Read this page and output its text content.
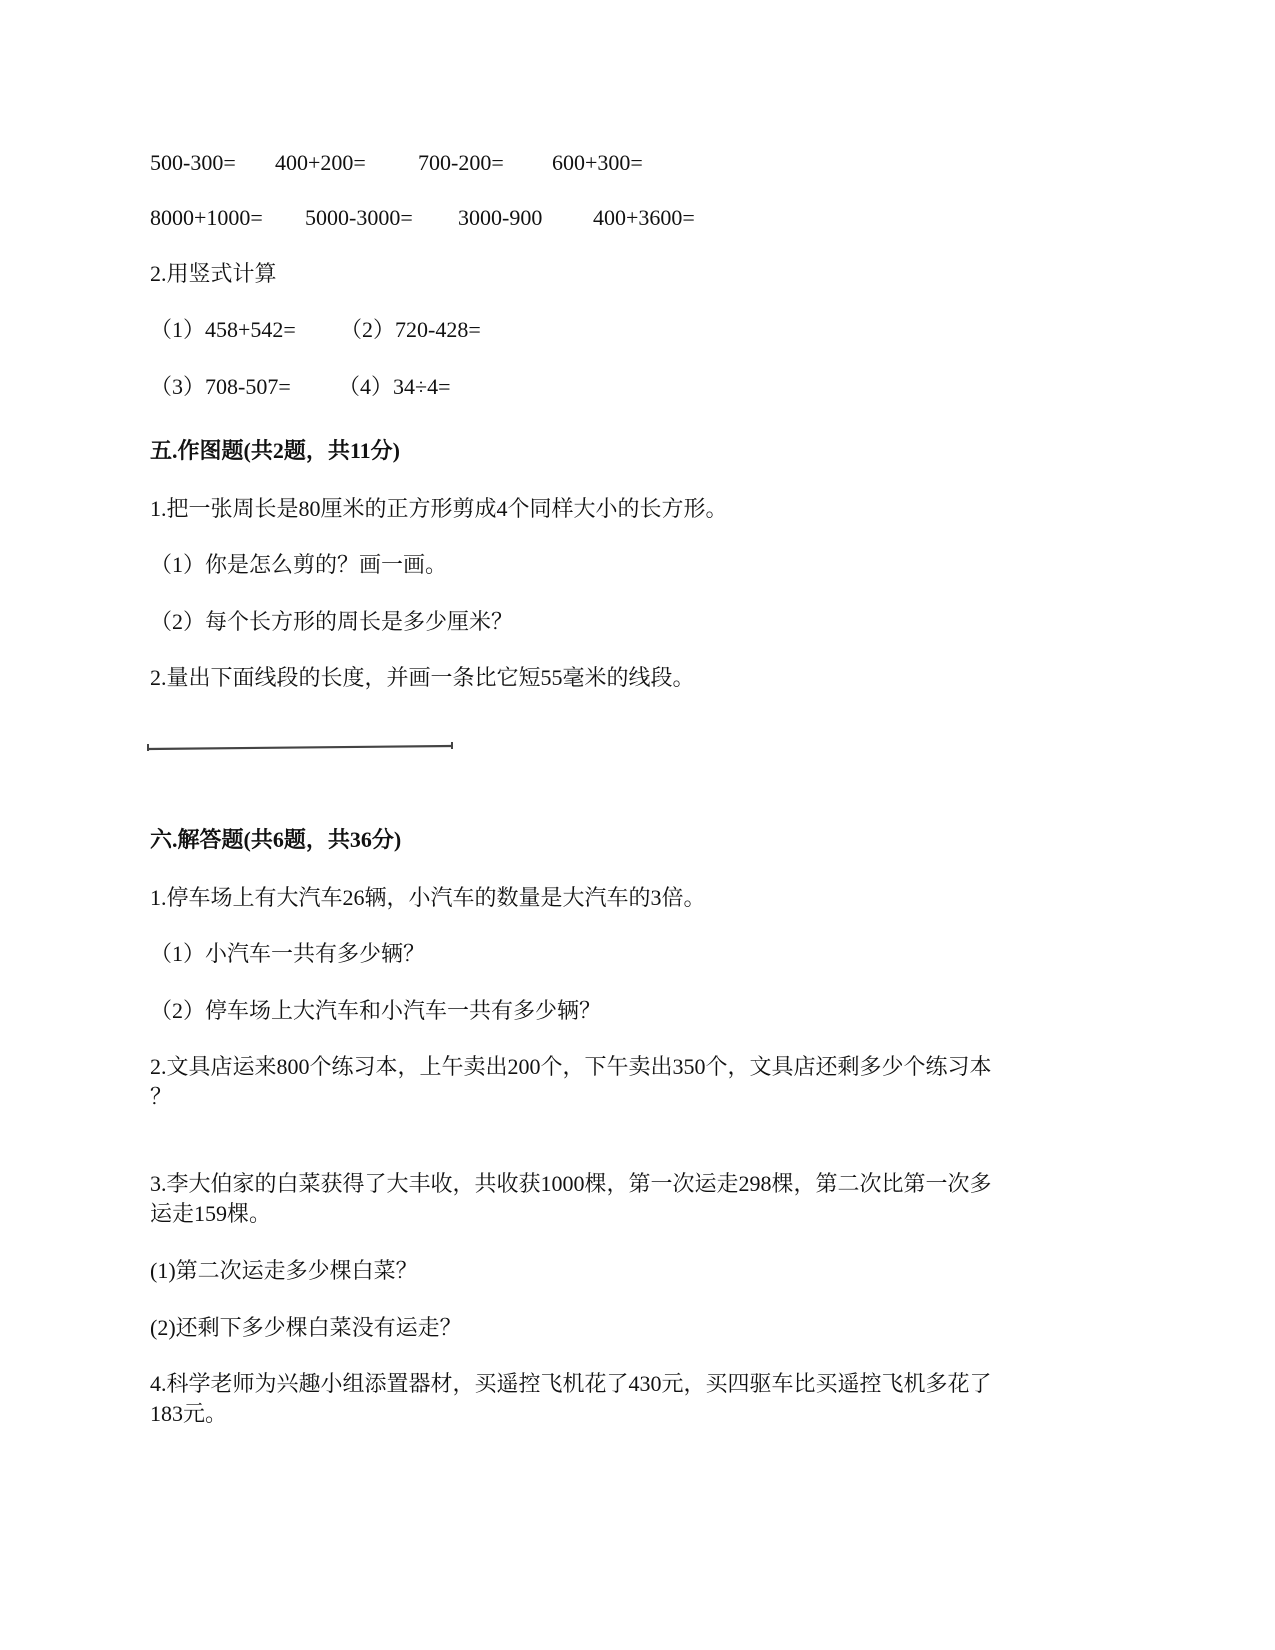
500-300= 400+200= 700-200= 600+300=
8000+1000= 5000-3000= 3000-900 400+3600=
2.用竖式计算
（1）458+542= （2）720-428=
（3）708-507= （4）34÷4=
五.作图题(共2题，共11分)
1.把一张周长是80厘米的正方形剪成4个同样大小的长方形。
（1）你是怎么剪的？画一画。
（2）每个长方形的周长是多少厘米？
2.量出下面线段的长度，并画一条比它短55毫米的线段。
六.解答题(共6题，共36分)
1.停车场上有大汽车26辆，小汽车的数量是大汽车的3倍。
（1）小汽车一共有多少辆？
（2）停车场上大汽车和小汽车一共有多少辆？
2.文具店运来800个练习本，上午卖出200个，下午卖出350个，文具店还剩多少个练习本
？
3.李大伯家的白菜获得了大丰收，共收获1000棵，第一次运走298棵，第二次比第一次多
运走159棵。
(1)第二次运走多少棵白菜？
(2)还剩下多少棵白菜没有运走？
4.科学老师为兴趣小组添置器材，买遥控飞机花了430元，买四驱车比买遥控飞机多花了
183元。
